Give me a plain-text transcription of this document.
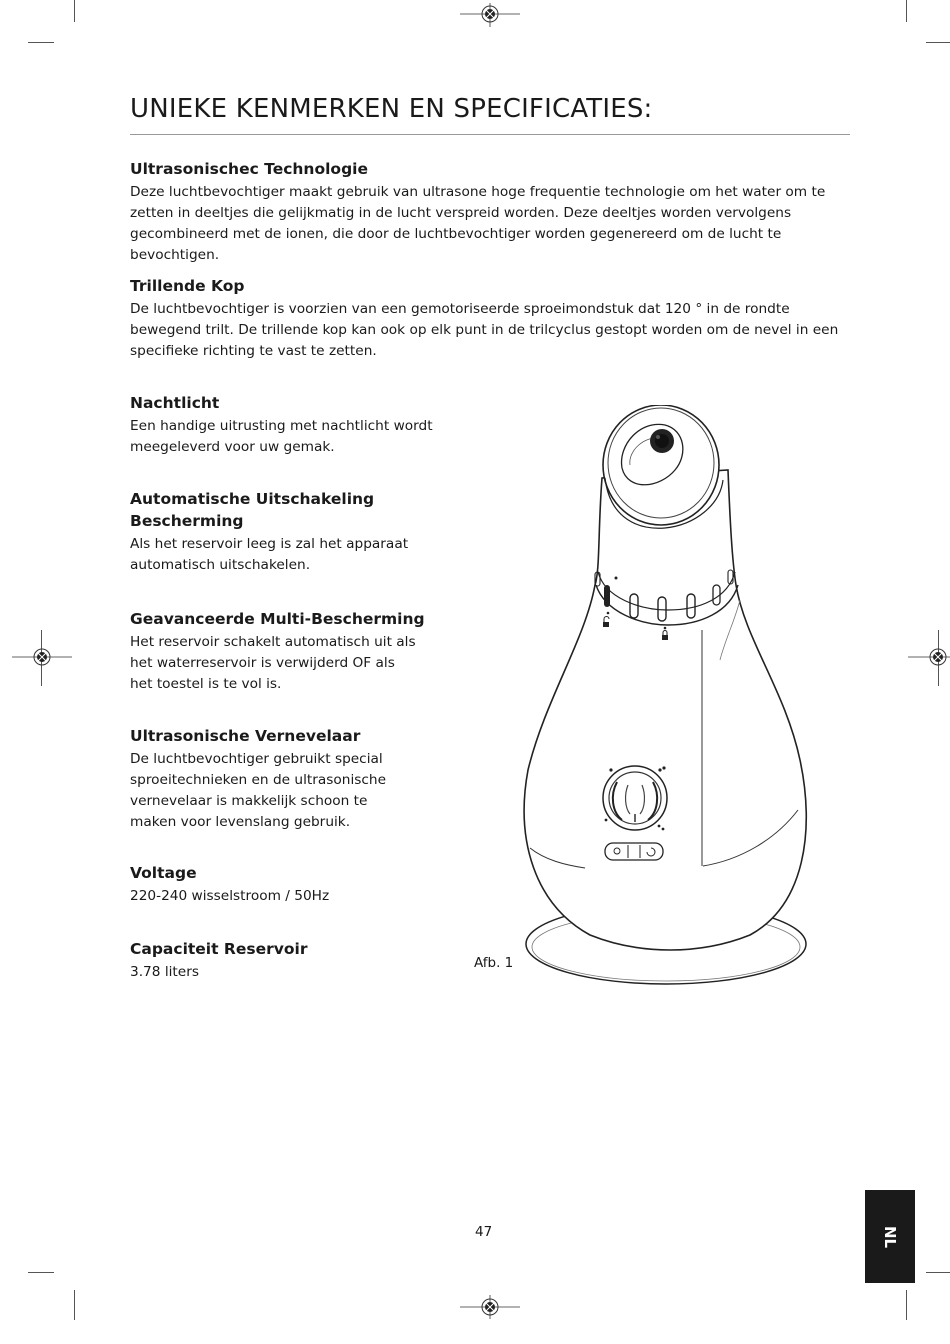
UNIEKE KENMERKEN EN SPECIFICATIES:
Ultrasonischec Technologie

Deze luchtbevochtiger maakt gebruik van ultrasone hoge frequentie technologie om het water om te zetten in deeltjes die gelijkmatig in de lucht verspreid worden. Deze deeltjes worden vervolgens gecombineerd met de ionen, die door de luchtbevochtiger worden gegenereerd om de lucht te bevochtigen.

Trillende Kop

De luchtbevochtiger is voorzien van een gemotoriseerde sproeimondstuk dat 120 ° in de rondte bewegend trilt. De trillende kop kan ook op elk punt in de trilcyclus gestopt worden om de nevel in een specifieke richting te vast te zetten.

Nachtlicht

Een handige uitrusting met nachtlicht wordt meegeleverd voor uw gemak.

Automatische Uitschakeling Bescherming

Als het reservoir leeg is zal het apparaat automatisch uitschakelen.

Geavanceerde Multi-Bescherming

Het reservoir schakelt automatisch uit als het waterreservoir is verwijderd OF als het toestel is te vol is.

Ultrasonische Vernevelaar

De luchtbevochtiger gebruikt special sproeitechnieken en de ultrasonische vernevelaar is makkelijk schoon te maken voor levenslang gebruik.

Voltage

220-240 wisselstroom / 50Hz

Capaciteit Reservoir

3.78 liters

Afb. 1
47	NL
